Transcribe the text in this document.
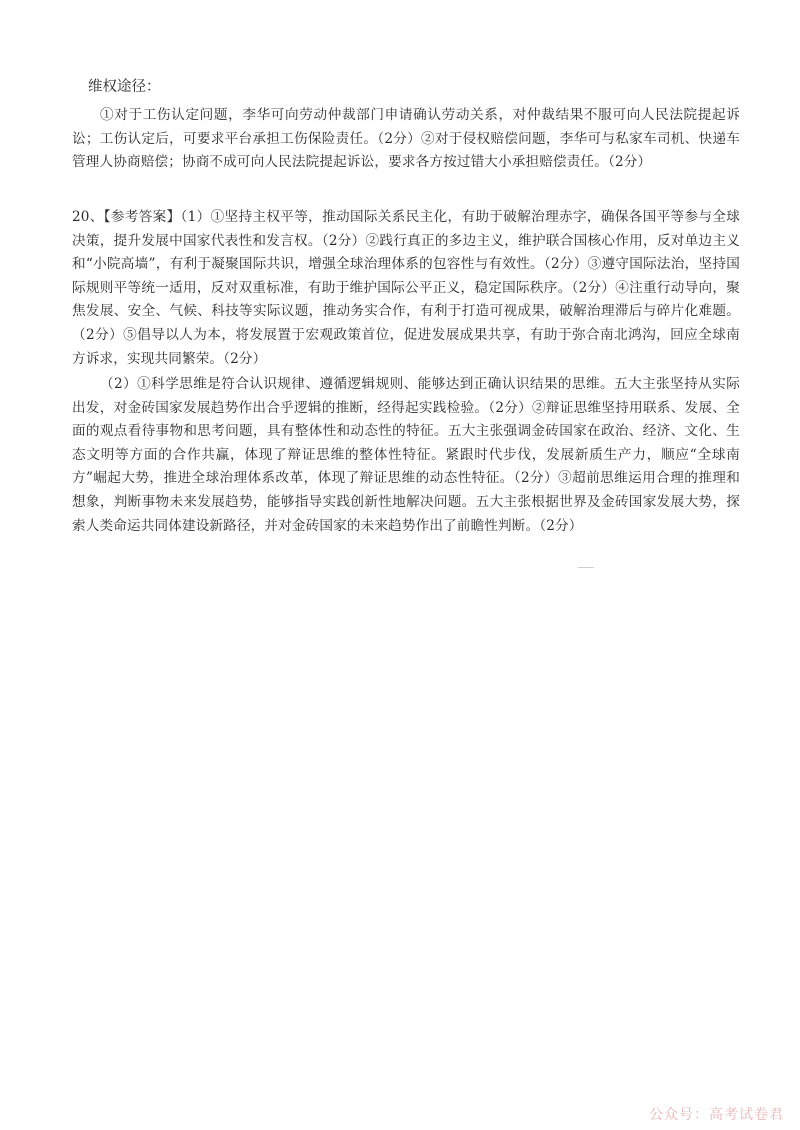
维权途径：

①对于工伤认定问题，李华可向劳动仲裁部门申请确认劳动关系，对仲裁结果不服可向人民法院提起诉讼；工伤认定后，可要求平台承担工伤保险责任。（2分）②对于侵权赔偿问题，李华可与私家车司机、快递车管理人协商赔偿；协商不成可向人民法院提起诉讼，要求各方按过错大小承担赔偿责任。（2分）

20、【参考答案】（1）①坚持主权平等，推动国际关系民主化，有助于破解治理赤字，确保各国平等参与全球决策，提升发展中国家代表性和发言权。（2分）②践行真正的多边主义，维护联合国核心作用，反对单边主义和“小院高墙”，有利于凝聚国际共识，增强全球治理体系的包容性与有效性。（2分）③遵守国际法治，坚持国际规则平等统一适用，反对双重标准，有助于维护国际公平正义，稳定国际秩序。（2分）④注重行动导向，聚焦发展、安全、气候、科技等实际议题，推动务实合作，有利于打造可视成果，破解治理滞后与碎片化难题。（2分）⑤倡导以人为本，将发展置于宏观政策首位，促进发展成果共享，有助于弥合南北鸿沟，回应全球南方诉求，实现共同繁荣。（2分）

（2）①科学思维是符合认识规律、遵循逻辑规则、能够达到正确认识结果的思维。五大主张坚持从实际出发，对金砖国家发展趋势作出合乎逻辑的推断，经得起实践检验。（2分）②辩证思维坚持用联系、发展、全面的观点看待事物和思考问题，具有整体性和动态性的特征。五大主张强调金砖国家在政治、经济、文化、生态文明等方面的合作共赢，体现了辩证思维的整体性特征。紧跟时代步伐，发展新质生产力，顺应“全球南方”崛起大势，推进全球治理体系改革，体现了辩证思维的动态性特征。（2分）③超前思维运用合理的推理和想象，判断事物未来发展趋势，能够指导实践创新性地解决问题。五大主张根据世界及金砖国家发展大势，探索人类命运共同体建设新路径，并对金砖国家的未来趋势作出了前瞻性判断。（2分）

公众号：高考试卷君
